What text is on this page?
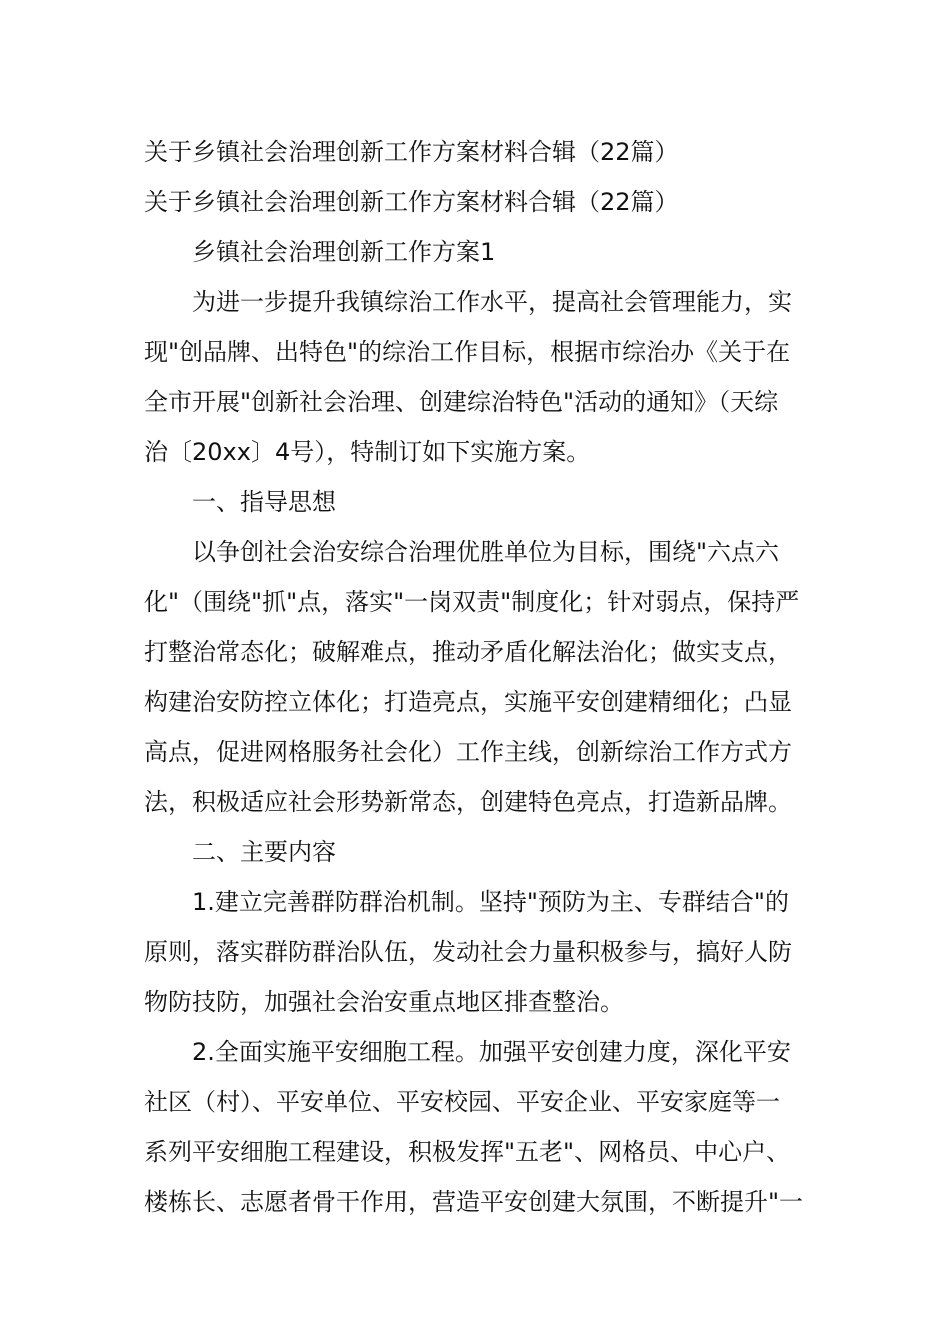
关于乡镇社会治理创新工作方案材料合辑（22篇）
关于乡镇社会治理创新工作方案材料合辑（22篇）
乡镇社会治理创新工作方案1
为进一步提升我镇综治工作水平，提高社会管理能力，实
现"创品牌、出特色"的综治工作目标，根据市综治办《关于在
全市开展"创新社会治理、创建综治特色"活动的通知》（天综
治〔20xx〕4号），特制订如下实施方案。
一、指导思想
以争创社会治安综合治理优胜单位为目标，围绕"六点六
化"（围绕"抓"点，落实"一岗双责"制度化；针对弱点，保持严
打整治常态化；破解难点，推动矛盾化解法治化；做实支点，
构建治安防控立体化；打造亮点，实施平安创建精细化；凸显
高点，促进网格服务社会化）工作主线，创新综治工作方式方
法，积极适应社会形势新常态，创建特色亮点，打造新品牌。
二、主要内容
1.建立完善群防群治机制。坚持"预防为主、专群结合"的
原则，落实群防群治队伍，发动社会力量积极参与，搞好人防
物防技防，加强社会治安重点地区排查整治。
2.全面实施平安细胞工程。加强平安创建力度，深化平安
社区（村）、平安单位、平安校园、平安企业、平安家庭等一
系列平安细胞工程建设，积极发挥"五老"、网格员、中心户、
楼栋长、志愿者骨干作用，营造平安创建大氛围，不断提升"一
